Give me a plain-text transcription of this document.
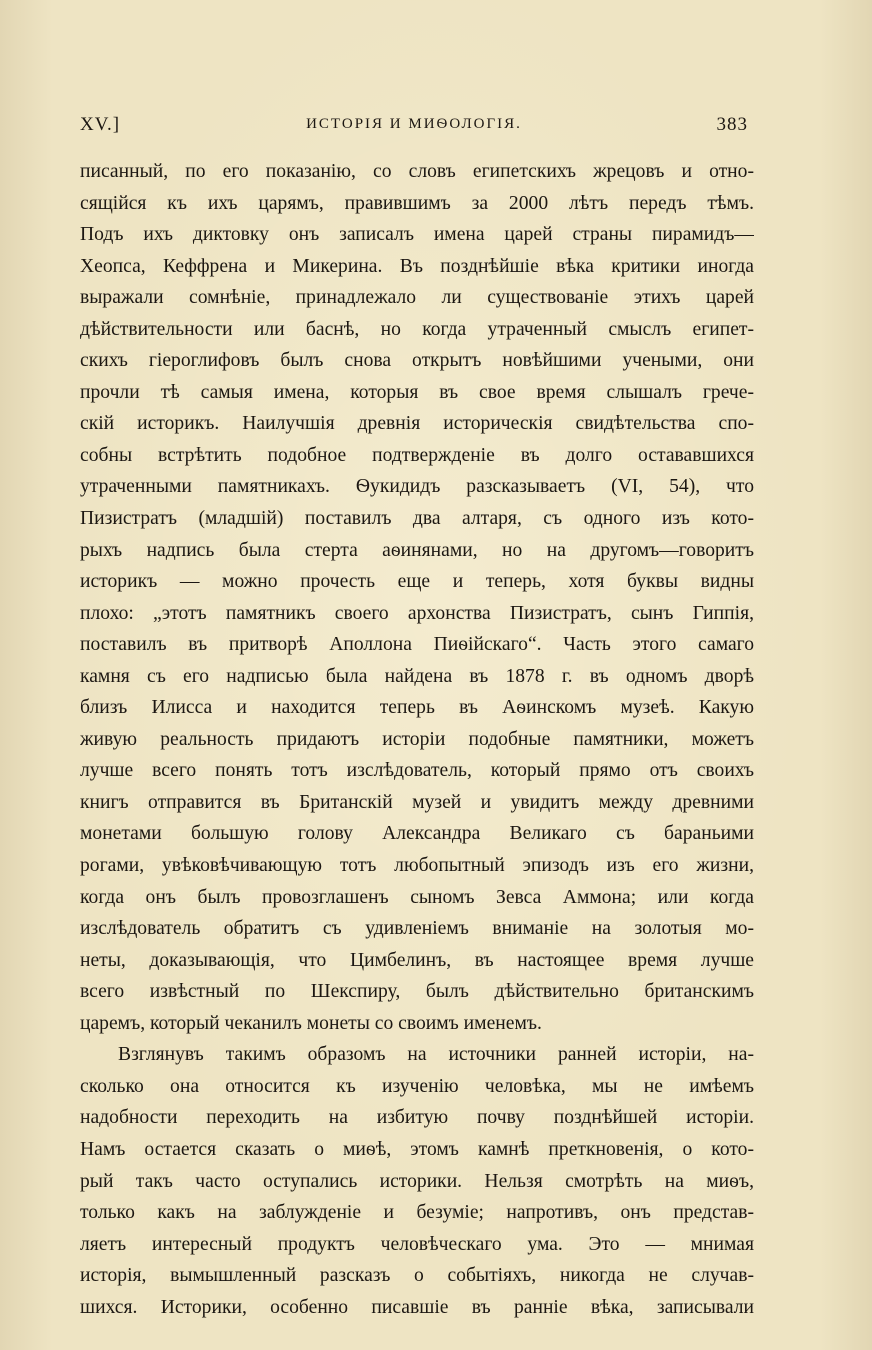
XV.]	ИСТОРІЯ И МИѲОЛОГІЯ.	383
писанный, по его показанію, со словъ египетскихъ жрецовъ и отно-
сящійся къ ихъ царямъ, правившимъ за 2000 лѣтъ передъ тѣмъ.
Подъ ихъ диктовку онъ записалъ имена царей страны пирамидъ—
Хеопса, Кеффрена и Микерина. Въ позднѣйшіе вѣка критики иногда
выражали сомнѣніе, принадлежало ли существованіе этихъ царей
дѣйствительности или баснѣ, но когда утраченный смыслъ египет-
скихъ гіероглифовъ былъ снова открытъ новѣйшими учеными, они
прочли тѣ самыя имена, которыя въ свое время слышалъ грече-
скій историкъ. Наилучшія древнія историческія свидѣтельства спо-
собны встрѣтить подобное подтвержденіе въ долго остававшихся
утраченными памятникахъ. Ѳукидидъ разсказываетъ (VI, 54), что
Пизистратъ (младшій) поставилъ два алтаря, съ одного изъ кото-
рыхъ надпись была стерта аѳинянами, но на другомъ—говоритъ
историкъ — можно прочесть еще и теперь, хотя буквы видны
плохо: „этотъ памятникъ своего архонства Пизистратъ, сынъ Гиппія,
поставилъ въ притворѣ Аполлона Пиѳійскаго“. Часть этого самаго
камня съ его надписью была найдена въ 1878 г. въ одномъ дворѣ
близъ Илисса и находится теперь въ Аѳинскомъ музеѣ. Какую
живую реальность придаютъ исторіи подобные памятники, можетъ
лучше всего понять тотъ изслѣдователь, который прямо отъ своихъ
книгъ отправится въ Британскій музей и увидитъ между древними
монетами большую голову Александра Великаго съ бараньими
рогами, увѣковѣчивающую тотъ любопытный эпизодъ изъ его жизни,
когда онъ былъ провозглашенъ сыномъ Зевса Аммона; или когда
изслѣдователь обратитъ съ удивленіемъ вниманіе на золотыя мо-
неты, доказывающія, что Цимбелинъ, въ настоящее время лучше
всего извѣстный по Шекспиру, былъ дѣйствительно британскимъ
царемъ, который чеканилъ монеты со своимъ именемъ.
Взглянувъ такимъ образомъ на источники ранней исторіи, на-
сколько она относится къ изученію человѣка, мы не имѣемъ
надобности переходить на избитую почву позднѣйшей исторіи.
Намъ остается сказать о миѳѣ, этомъ камнѣ преткновенія, о кото-
рый такъ часто оступались историки. Нельзя смотрѣть на миѳъ,
только какъ на заблужденіе и безуміе; напротивъ, онъ представ-
ляетъ интересный продуктъ человѣческаго ума. Это — мнимая
исторія, вымышленный разсказъ о событіяхъ, никогда не случав-
шихся. Историки, особенно писавшіе въ ранніе вѣка, записывали
